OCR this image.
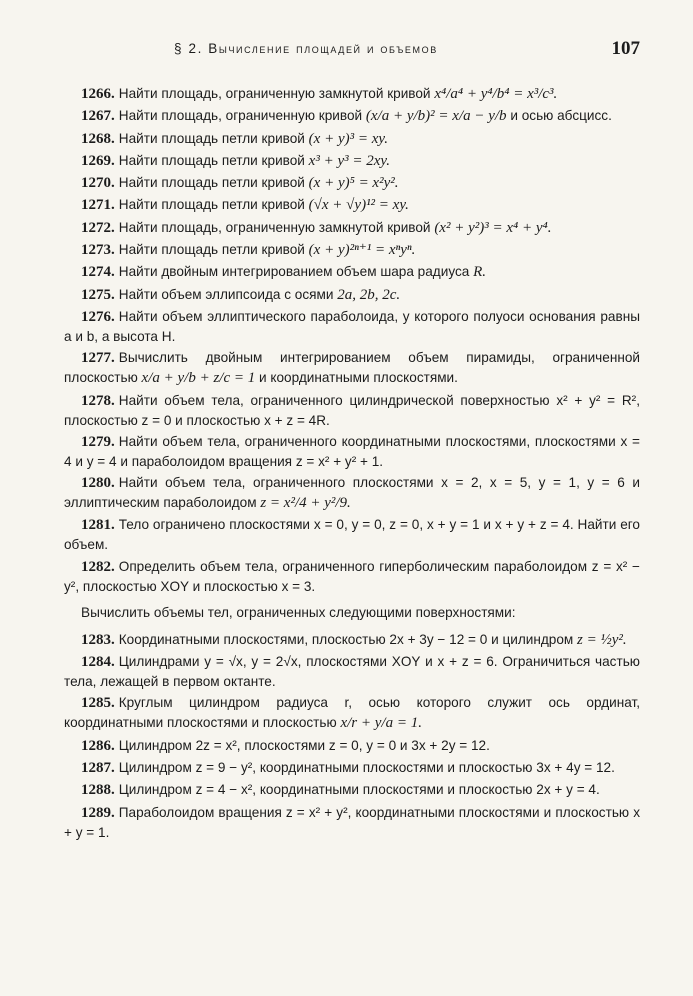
§ 2. Вычисление площадей и объемов	107
1266. Найти площадь, ограниченную замкнутой кривой x⁴/a⁴ + y⁴/b⁴ = x³/c³.
1267. Найти площадь, ограниченную кривой (x/a + y/b)² = x/a − y/b и осью абсцисс.
1268. Найти площадь петли кривой (x + y)³ = xy.
1269. Найти площадь петли кривой x³ + y³ = 2xy.
1270. Найти площадь петли кривой (x + y)⁵ = x²y².
1271. Найти площадь петли кривой (√x + √y)¹² = xy.
1272. Найти площадь, ограниченную замкнутой кривой (x² + y²)³ = x⁴ + y⁴.
1273. Найти площадь петли кривой (x + y)²ⁿ⁺¹ = xⁿyⁿ.
1274. Найти двойным интегрированием объем шара радиуса R.
1275. Найти объем эллипсоида с осями 2a, 2b, 2c.
1276. Найти объем эллиптического параболоида, у которого полуоси основания равны a и b, а высота H.
1277. Вычислить двойным интегрированием объем пирамиды, ограниченной плоскостью x/a + y/b + z/c = 1 и координатными плоскостями.
1278. Найти объем тела, ограниченного цилиндрической поверхностью x² + y² = R², плоскостью z = 0 и плоскостью x + z = 4R.
1279. Найти объем тела, ограниченного координатными плоскостями, плоскостями x = 4 и y = 4 и параболоидом вращения z = x² + y² + 1.
1280. Найти объем тела, ограниченного плоскостями x = 2, x = 5, y = 1, y = 6 и эллиптическим параболоидом z = x²/4 + y²/9.
1281. Тело ограничено плоскостями x = 0, y = 0, z = 0, x + y = 1 и x + y + z = 4. Найти его объем.
1282. Определить объем тела, ограниченного гиперболическим параболоидом z = x² − y², плоскостью XOY и плоскостью x = 3.
Вычислить объемы тел, ограниченных следующими поверхностями:
1283. Координатными плоскостями, плоскостью 2x + 3y − 12 = 0 и цилиндром z = ½y².
1284. Цилиндрами y = √x, y = 2√x, плоскостями XOY и x + z = 6. Ограничиться частью тела, лежащей в первом октанте.
1285. Круглым цилиндром радиуса r, осью которого служит ось ординат, координатными плоскостями и плоскостью x/r + y/a = 1.
1286. Цилиндром 2z = x², плоскостями z = 0, y = 0 и 3x + 2y = 12.
1287. Цилиндром z = 9 − y², координатными плоскостями и плоскостью 3x + 4y = 12.
1288. Цилиндром z = 4 − x², координатными плоскостями и плоскостью 2x + y = 4.
1289. Параболоидом вращения z = x² + y², координатными плоскостями и плоскостью x + y = 1.
